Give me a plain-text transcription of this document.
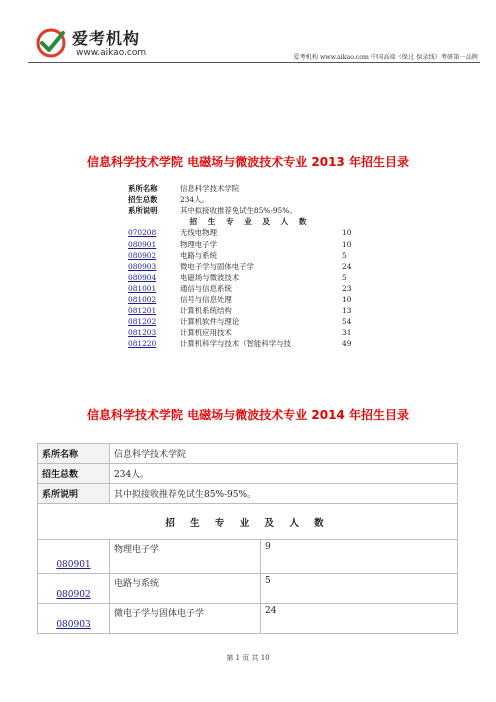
爱考机构
www.aikao.com	爱考机构 www.aikao.com 中国高端（保过 保录线）考研第一品牌
信息科学技术学院 电磁场与微波技术专业 2013 年招生目录
系所名称	信息科学技术学院	
招生总数	234人。	
系所说明	其中拟接收推荐免试生85%-95%。	
招 生 专 业 及 人 数		
070208	无线电物理	10
080901	物理电子学	10
080902	电路与系统	5
080903	微电子学与固体电子学	24
080904	电磁场与微波技术	5
081001	通信与信息系统	23
081002	信号与信息处理	10
081201	计算机系统结构	13
081202	计算机软件与理论	54
081203	计算机应用技术	31
081220	计算机科学与技术（智能科学与技	49
信息科学技术学院 电磁场与微波技术专业 2014 年招生目录
系所名称	信息科学技术学院	
招生总数	234人。	
系所说明	其中拟接收推荐免试生85%-95%。	
招 生 专 业 及 人 数		
080901	物理电子学	9
080902	电路与系统	5
080903	微电子学与固体电子学	24
第 1 页 共 10
